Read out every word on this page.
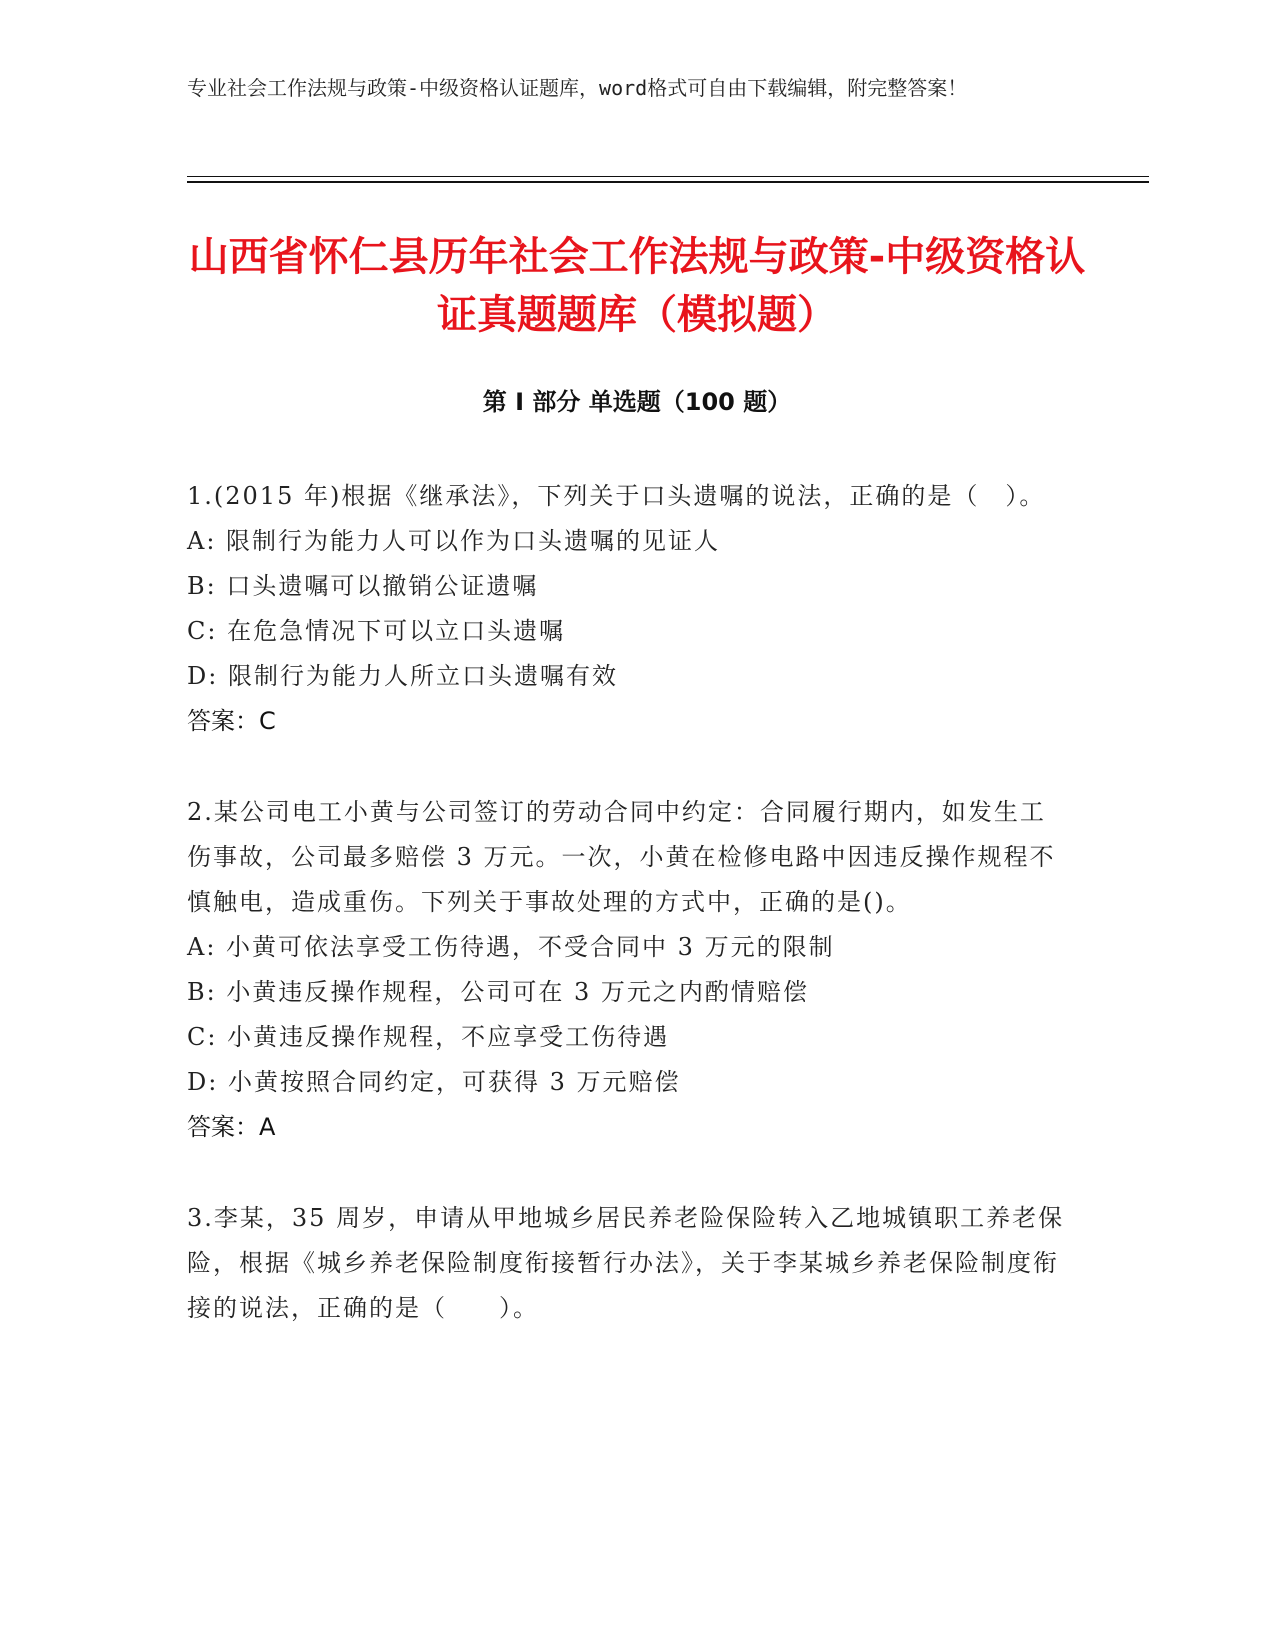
专业社会工作法规与政策-中级资格认证题库，word格式可自由下载编辑，附完整答案！
山西省怀仁县历年社会工作法规与政策-中级资格认证真题题库（模拟题）
第 I 部分 单选题（100 题）
1.(2015 年)根据《继承法》，下列关于口头遗嘱的说法，正确的是（　）。
A: 限制行为能力人可以作为口头遗嘱的见证人
B: 口头遗嘱可以撤销公证遗嘱
C: 在危急情况下可以立口头遗嘱
D: 限制行为能力人所立口头遗嘱有效
答案：C
2.某公司电工小黄与公司签订的劳动合同中约定：合同履行期内，如发生工伤事故，公司最多赔偿 3 万元。一次，小黄在检修电路中因违反操作规程不慎触电，造成重伤。下列关于事故处理的方式中，正确的是()。
A: 小黄可依法享受工伤待遇，不受合同中 3 万元的限制
B: 小黄违反操作规程，公司可在 3 万元之内酌情赔偿
C: 小黄违反操作规程，不应享受工伤待遇
D: 小黄按照合同约定，可获得 3 万元赔偿
答案：A
3.李某，35 周岁，申请从甲地城乡居民养老险保险转入乙地城镇职工养老保险，根据《城乡养老保险制度衔接暂行办法》，关于李某城乡养老保险制度衔接的说法，正确的是（　　）。
